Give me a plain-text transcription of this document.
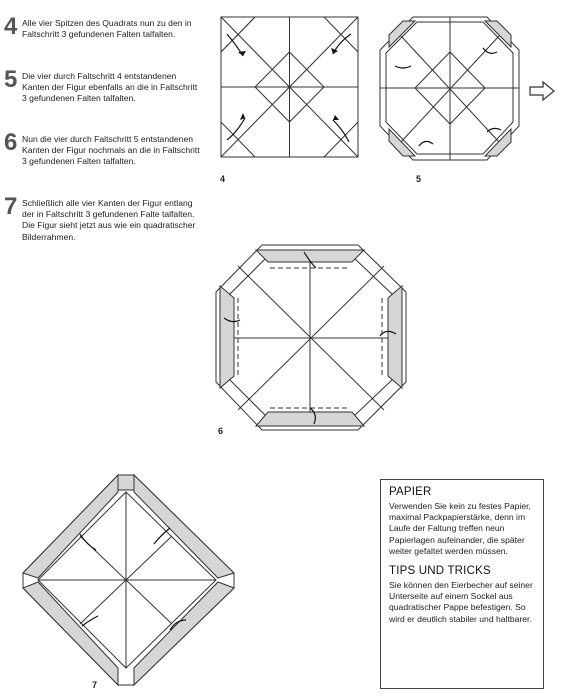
4 Alle vier Spitzen des Quadrats nun zu den in Faltschritt 3 gefundenen Falten talfalten.
5 Die vier durch Faltschritt 4 entstandenen Kanten der Figur ebenfalls an die in Faltschritt 3 gefundenen Falten talfalten.
6 Nun die vier durch Faltschritt 5 entstandenen Kanten der Figur nochmals an die in Faltschritt 3 gefundenen Falten talfalten.
7 Schließlich alle vier Kanten der Figur entlang der in Faltschritt 3 gefundenen Falte talfalten. Die Figur sieht jetzt aus wie ein quadratischer Bilderrahmen.
4	5
6
7
PAPIER

Verwenden Sie kein zu festes Papier, maximal Packpapierstärke, denn im Laufe der Faltung treffen neun Papierlagen aufeinander, die später weiter gefaltet werden müssen.

TIPS UND TRICKS

Sie können den Eierbecher auf seiner Unterseite auf einem Sockel aus quadratischer Pappe befestigen. So wird er deutlich stabiler und haltbarer.
